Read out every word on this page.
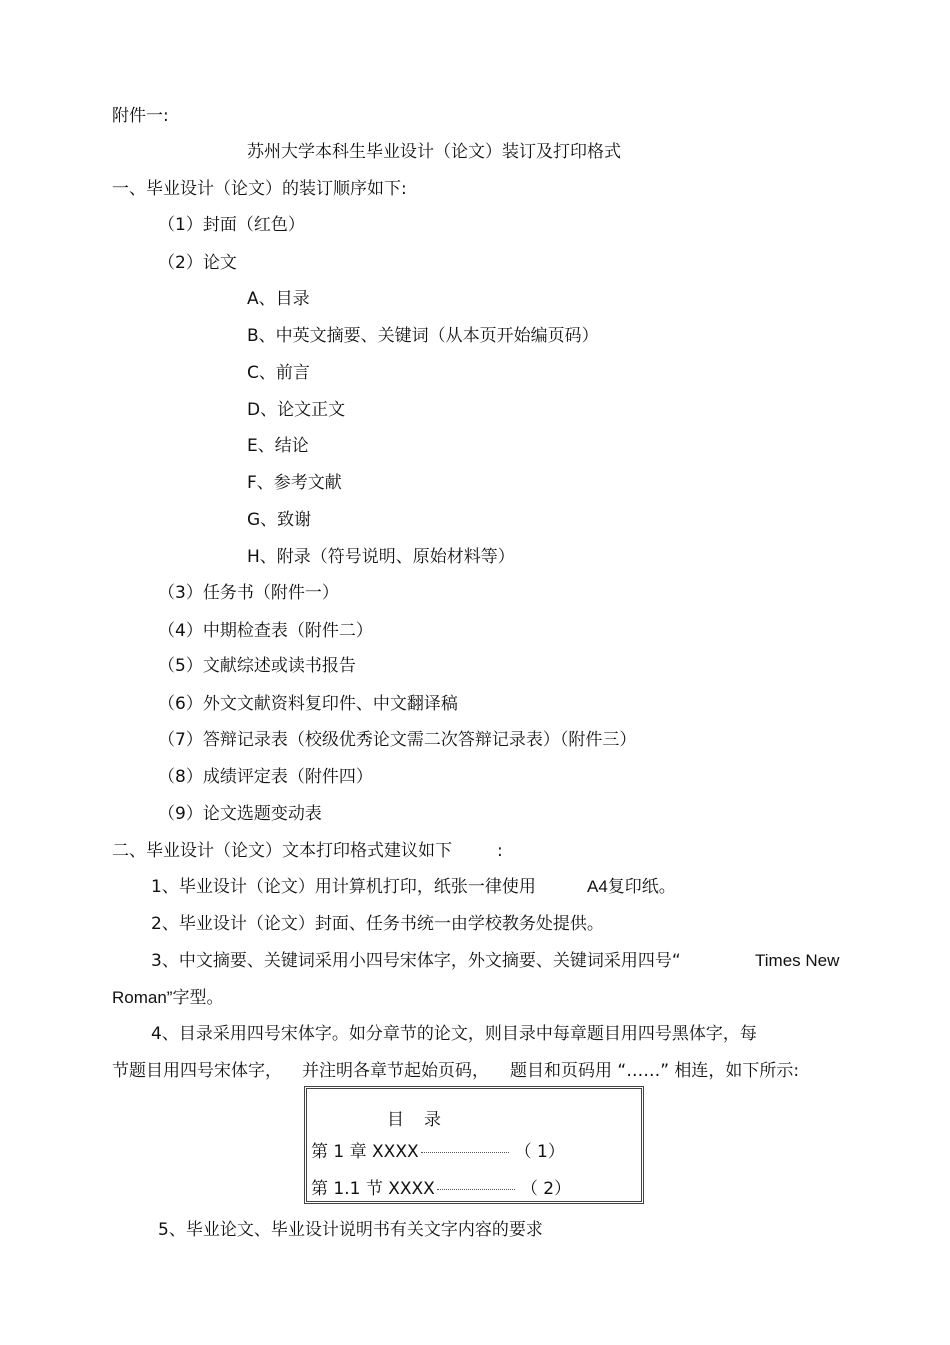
附件一:
苏州大学本科生毕业设计（论文）装订及打印格式
一、毕业设计（论文）的装订顺序如下:
（1）封面（红色）
（2）论文
A、目录
B、中英文摘要、关键词（从本页开始编页码）
C、前言
D、论文正文
E、结论
F、参考文献
G、致谢
H、附录（符号说明、原始材料等）
（3）任务书（附件一）
（4）中期检查表（附件二）
（5）文献综述或读书报告
（6）外文文献资料复印件、中文翻译稿
（7）答辩记录表（校级优秀论文需二次答辩记录表）（附件三）
（8）成绩评定表（附件四）
（9）论文选题变动表
二、毕业设计（论文）文本打印格式建议如下	:
1、毕业设计（论文）用计算机打印，纸张一律使用	A4复印纸。
2、毕业设计（论文）封面、任务书统一由学校教务处提供。
3、中文摘要、关键词采用小四号宋体字，外文摘要、关键词采用四号“	Times New
Roman”字型。
4、目录采用四号宋体字。如分章节的论文，则目录中每章题目用四号黑体字，每
节题目用四号宋体字， 并注明各章节起始页码， 题目和页码用 “……” 相连，如下所示:
目录
第 1 章 XXXX	（ 1）
第 1.1 节 XXXX	（ 2）
5、毕业论文、毕业设计说明书有关文字内容的要求
